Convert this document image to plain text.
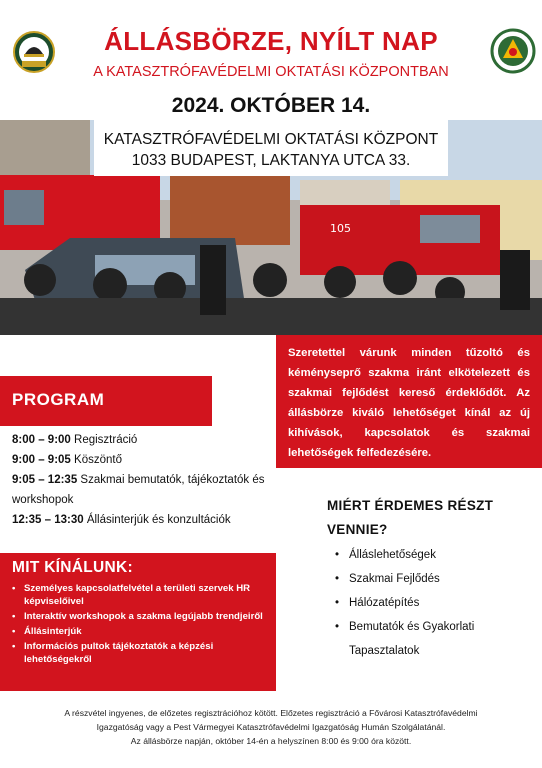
ÁLLÁSBÖRZE, NYÍLT NAP
A KATASZTRÓFAVÉDELMI OKTATÁSI KÖZPONTBAN
2024. OKTÓBER 14.
105
KATASZTRÓFAVÉDELMI OKTATÁSI KÖZPONT
1033 BUDAPEST, LAKTANYA UTCA 33.
Szeretettel várunk minden tűzoltó és kéményseprő szakma iránt elkötelezett és szakmai fejlődést kereső érdeklődőt. Az állásbörze kiváló lehetőséget kínál az új kihívások, kapcsolatok és szakmai lehetőségek felfedezésére.
PROGRAM
8:00 – 9:00 Regisztráció
9:00 – 9:05 Köszöntő
9:05 – 12:35 Szakmai bemutatók, tájékoztatók és workshopok
12:35 – 13:30 Állásinterjúk és konzultációk
MIT KÍNÁLUNK:
• Személyes kapcsolatfelvétel a területi szervek HR képviselőivel
• Interaktív workshopok a szakma legújabb trendjeiről
• Állásinterjúk
• Információs pultok tájékoztatók a képzési lehetőségekről
MIÉRT ÉRDEMES RÉSZT VENNIE?
• Álláslehetőségek
• Szakmai Fejlődés
• Hálózatépítés
• Bemutatók és Gyakorlati Tapasztalatok
A részvétel ingyenes, de előzetes regisztrációhoz kötött. Előzetes regisztráció a Fővárosi Katasztrófavédelmi
Igazgatóság vagy a Pest Vármegyei Katasztrófavédelmi Igazgatóság Humán Szolgálatánál.
Az állásbörze napján, október 14-én a helyszínen 8:00 és 9:00 óra között.
